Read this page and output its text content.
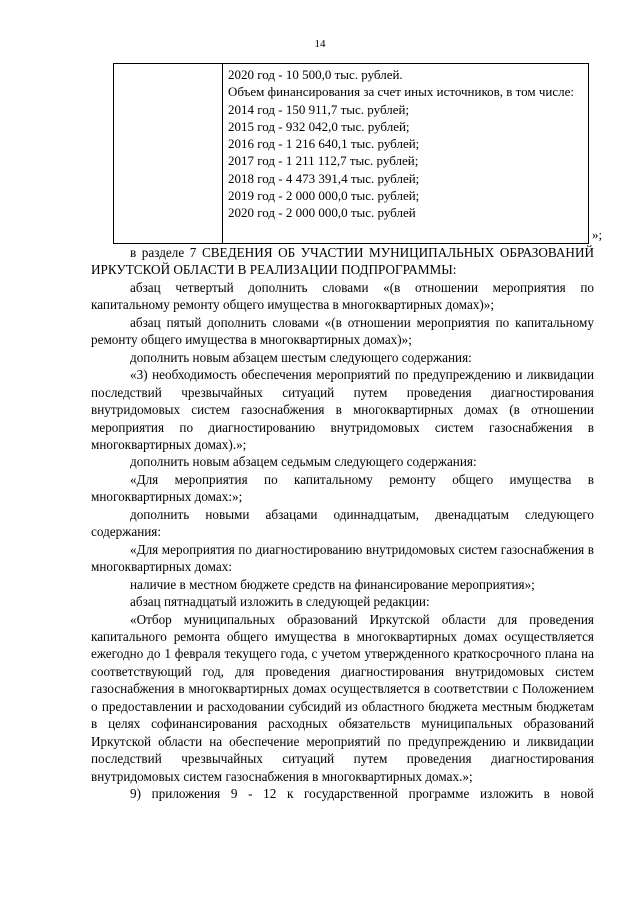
14
2020 год - 10 500,0 тыс. рублей.
Объем финансирования за счет иных источников, в том числе:
2014 год - 150 911,7 тыс. рублей;
2015 год - 932 042,0 тыс. рублей;
2016 год - 1 216 640,1 тыс. рублей;
2017 год - 1 211 112,7 тыс. рублей;
2018 год - 4 473 391,4 тыс. рублей;
2019 год - 2 000 000,0 тыс. рублей;
2020 год - 2 000 000,0 тыс. рублей
»;

в разделе 7 СВЕДЕНИЯ ОБ УЧАСТИИ МУНИЦИПАЛЬНЫХ ОБРАЗОВАНИЙ ИРКУТСКОЙ ОБЛАСТИ В РЕАЛИЗАЦИИ ПОДПРОГРАММЫ:

абзац четвертый дополнить словами «(в отношении мероприятия по капитальному ремонту общего имущества в многоквартирных домах)»;

абзац пятый дополнить словами «(в отношении мероприятия по капитальному ремонту общего имущества в многоквартирных домах)»;

дополнить новым абзацем шестым следующего содержания:

«3) необходимость обеспечения мероприятий по предупреждению и ликвидации последствий чрезвычайных ситуаций путем проведения диагностирования внутридомовых систем газоснабжения в многоквартирных домах (в отношении мероприятия по диагностированию внутридомовых систем газоснабжения в многоквартирных домах).»;

дополнить новым абзацем седьмым следующего содержания:

«Для мероприятия по капитальному ремонту общего имущества в многоквартирных домах:»;

дополнить новыми абзацами одиннадцатым, двенадцатым следующего содержания:

«Для мероприятия по диагностированию внутридомовых систем газоснабжения в многоквартирных домах:

наличие в местном бюджете средств на финансирование мероприятия»;

абзац пятнадцатый изложить в следующей редакции:

«Отбор муниципальных образований Иркутской области для проведения капитального ремонта общего имущества в многоквартирных домах осуществляется ежегодно до 1 февраля текущего года, с учетом утвержденного краткосрочного плана на соответствующий год, для проведения диагностирования внутридомовых систем газоснабжения в многоквартирных домах осуществляется в соответствии с Положением о предоставлении и расходовании субсидий из областного бюджета местным бюджетам в целях софинансирования расходных обязательств муниципальных образований Иркутской области на обеспечение мероприятий по предупреждению и ликвидации последствий чрезвычайных ситуаций путем проведения диагностирования внутридомовых систем газоснабжения в многоквартирных домах.»;

9) приложения 9 - 12 к государственной программе изложить в новой
